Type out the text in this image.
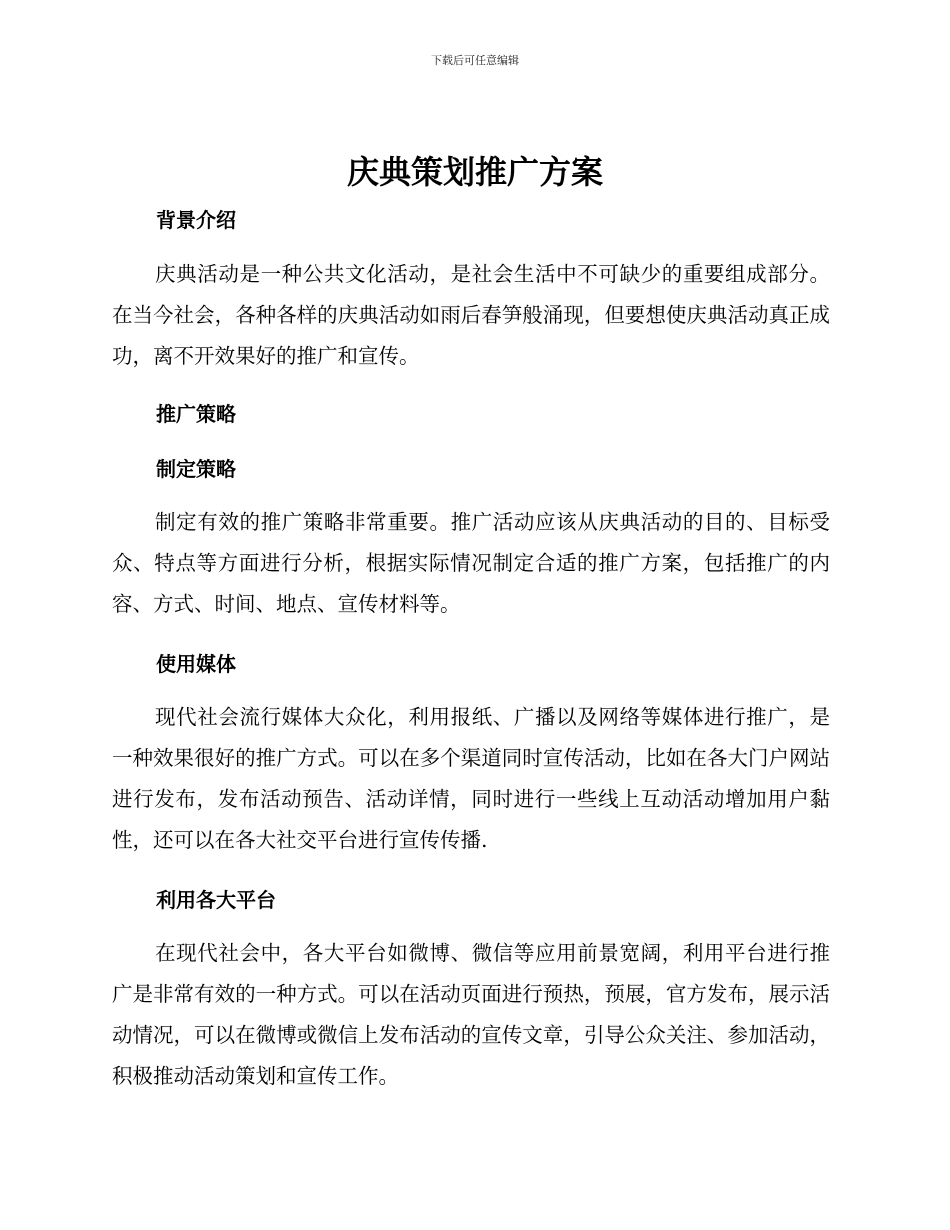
下载后可任意编辑
庆典策划推广方案
背景介绍

庆典活动是一种公共文化活动，是社会生活中不可缺少的重要组成部分。在当今社会，各种各样的庆典活动如雨后春笋般涌现，但要想使庆典活动真正成功，离不开效果好的推广和宣传。

推广策略
制定策略

制定有效的推广策略非常重要。推广活动应该从庆典活动的目的、目标受众、特点等方面进行分析，根据实际情况制定合适的推广方案，包括推广的内容、方式、时间、地点、宣传材料等。

使用媒体

现代社会流行媒体大众化，利用报纸、广播以及网络等媒体进行推广，是一种效果很好的推广方式。可以在多个渠道同时宣传活动，比如在各大门户网站进行发布，发布活动预告、活动详情，同时进行一些线上互动活动增加用户黏性，还可以在各大社交平台进行宣传传播.

利用各大平台

在现代社会中，各大平台如微博、微信等应用前景宽阔，利用平台进行推广是非常有效的一种方式。可以在活动页面进行预热，预展，官方发布，展示活动情况，可以在微博或微信上发布活动的宣传文章，引导公众关注、参加活动，积极推动活动策划和宣传工作。
